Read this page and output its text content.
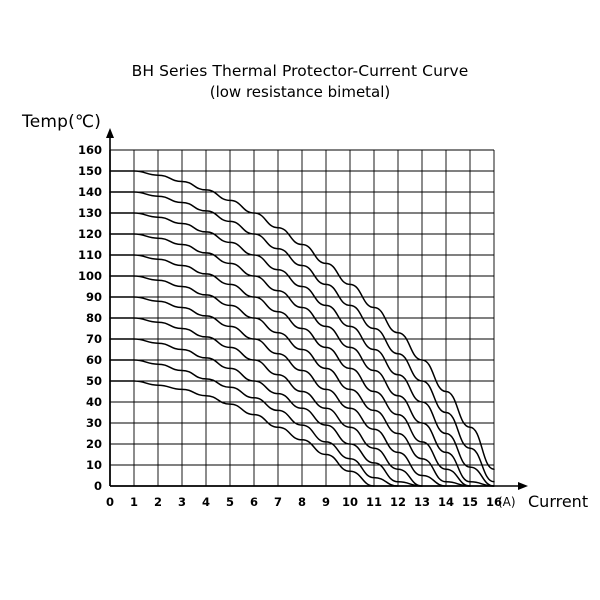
BH Series Thermal Protector-Current Curve
(low resistance bimetal)
Temp(℃)
(A) Current
0
10
20
30
40
50
60
70
80
90
100
110
120
130
140
150
160
0	1	2	3	4	5	6	7	8	9	10 11 12 13 14 15 16
